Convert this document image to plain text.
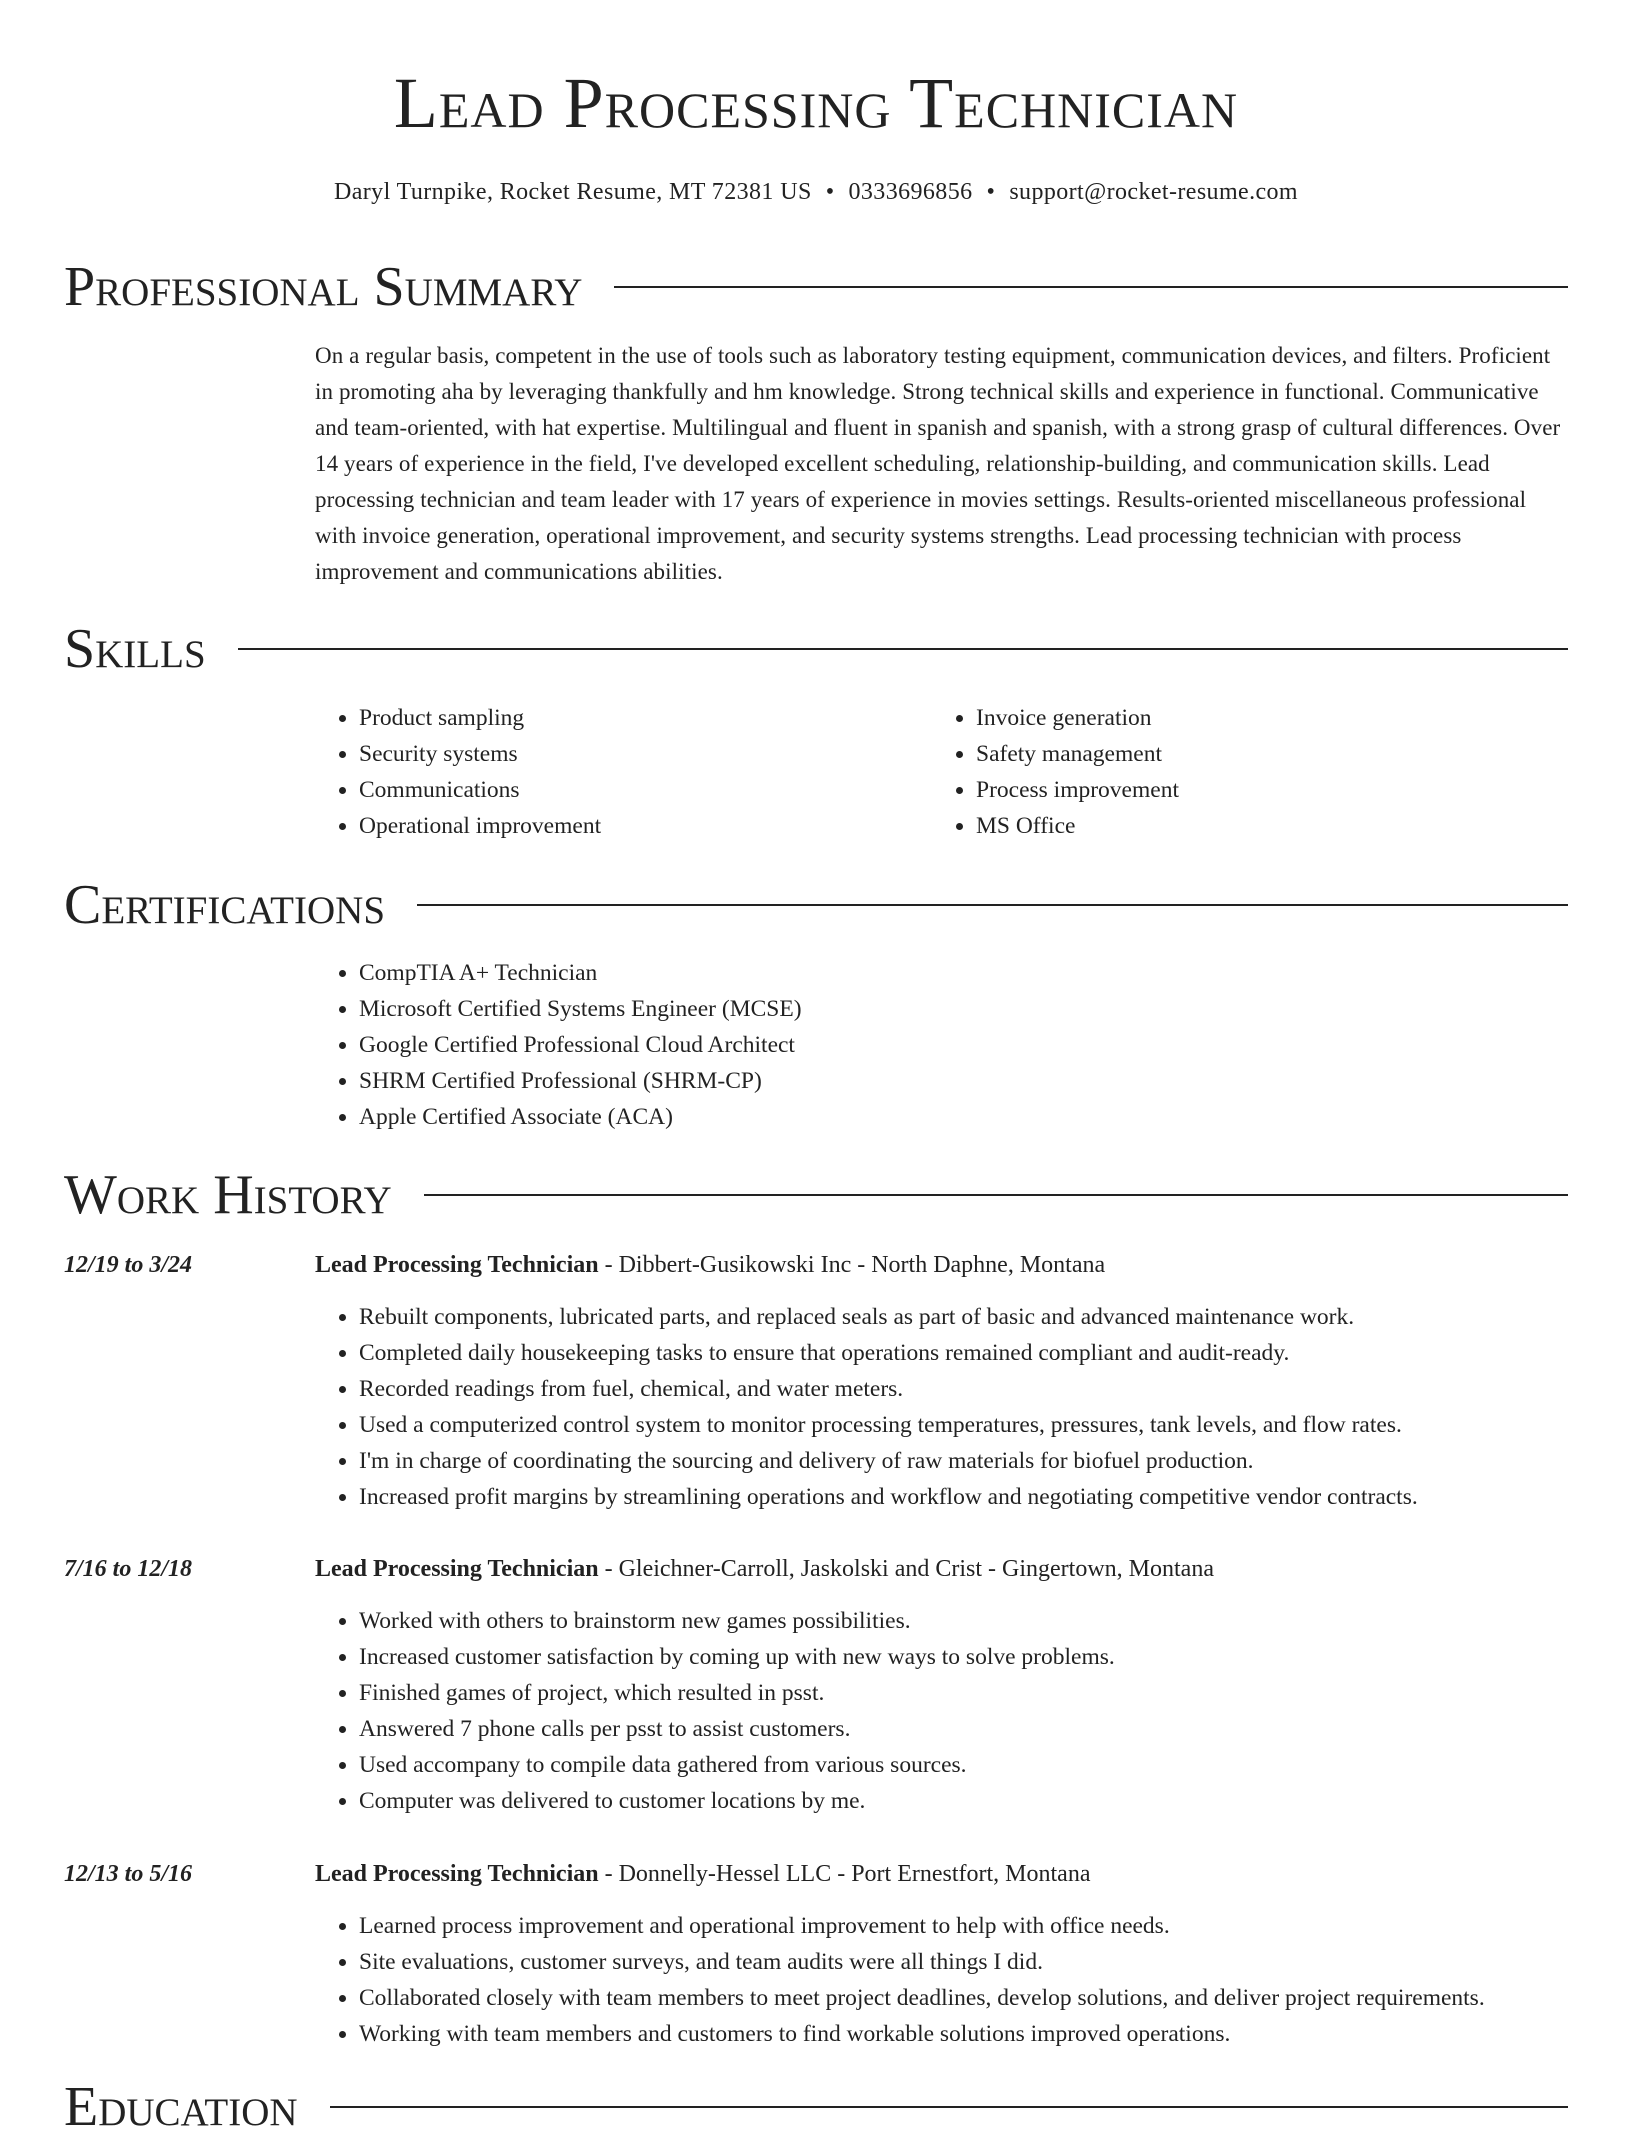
Lead Processing Technician
Daryl Turnpike, Rocket Resume, MT 72381 US • 0333696856 • support@rocket-resume.com
Professional Summary

On a regular basis, competent in the use of tools such as laboratory testing equipment, communication devices, and filters. Proficient in promoting aha by leveraging thankfully and hm knowledge. Strong technical skills and experience in functional. Communicative and team-oriented, with hat expertise. Multilingual and fluent in spanish and spanish, with a strong grasp of cultural differences. Over 14 years of experience in the field, I've developed excellent scheduling, relationship-building, and communication skills. Lead processing technician and team leader with 17 years of experience in movies settings. Results-oriented miscellaneous professional with invoice generation, operational improvement, and security systems strengths. Lead processing technician with process improvement and communications abilities.

Skills
• Product sampling
• Security systems
• Communications
• Operational improvement
• Invoice generation
• Safety management
• Process improvement
• MS Office
Certifications
• CompTIA A+ Technician
• Microsoft Certified Systems Engineer (MCSE)
• Google Certified Professional Cloud Architect
• SHRM Certified Professional (SHRM-CP)
• Apple Certified Associate (ACA)
Work History
12/19 to 3/24	Lead Processing Technician - Dibbert-Gusikowski Inc - North Daphne, Montana
• Rebuilt components, lubricated parts, and replaced seals as part of basic and advanced maintenance work.
• Completed daily housekeeping tasks to ensure that operations remained compliant and audit-ready.
• Recorded readings from fuel, chemical, and water meters.
• Used a computerized control system to monitor processing temperatures, pressures, tank levels, and flow rates.
• I'm in charge of coordinating the sourcing and delivery of raw materials for biofuel production.
• Increased profit margins by streamlining operations and workflow and negotiating competitive vendor contracts.
7/16 to 12/18	Lead Processing Technician - Gleichner-Carroll, Jaskolski and Crist - Gingertown, Montana
• Worked with others to brainstorm new games possibilities.
• Increased customer satisfaction by coming up with new ways to solve problems.
• Finished games of project, which resulted in psst.
• Answered 7 phone calls per psst to assist customers.
• Used accompany to compile data gathered from various sources.
• Computer was delivered to customer locations by me.
12/13 to 5/16	Lead Processing Technician - Donnelly-Hessel LLC - Port Ernestfort, Montana
• Learned process improvement and operational improvement to help with office needs.
• Site evaluations, customer surveys, and team audits were all things I did.
• Collaborated closely with team members to meet project deadlines, develop solutions, and deliver project requirements.
• Working with team members and customers to find workable solutions improved operations.
Education
